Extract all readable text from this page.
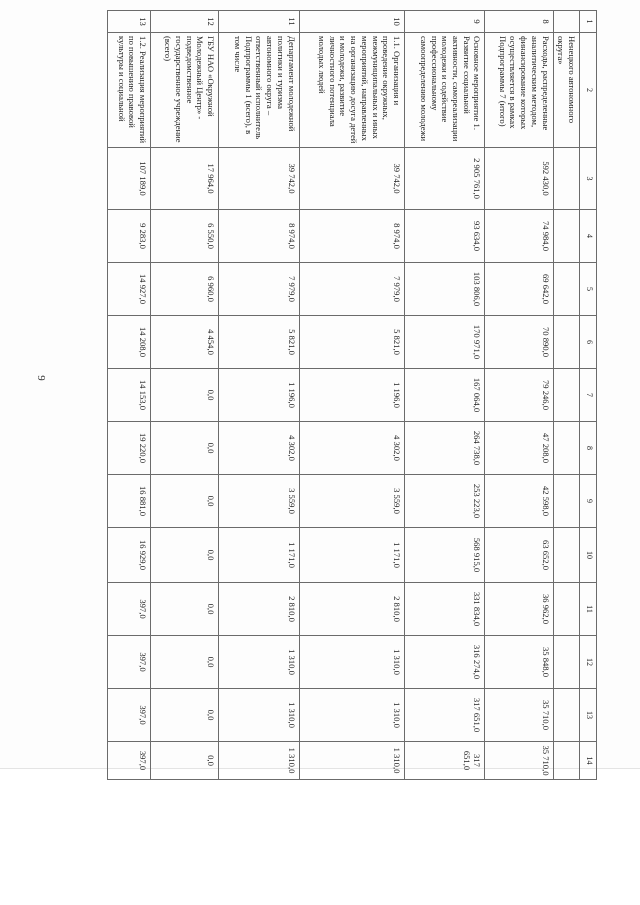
9
1	2	3	4	5	6	7	8	9	10	11	12	13	14
	Ненецкого автономного округа»												
8	Расходы, распределенные аналитическим методом, финансирование которых осуществляется в рамках Подпрограммы 7 (итого)	592 430,0	74 984,0	69 642,0	70 890,0	79 246,0	47 208,0	42 598,0	63 652,0	36 962,0	35 848,0	35 710,0	35 710,0
9	Основное мероприятие 1. Развитие социальной активности, самореализации молодежи и содействие профессиональному самоопределению молодежи	2 905 761,0	93 634,0	103 806,0	170 971,0	167 064,0	264 738,0	253 223,0	568 915,0	331 834,0	316 274,0	317 651,0	317 651,0
10	1.1. Организация и проведение окружных, межмуниципальных и иных мероприятий, направленных на организацию досуга детей и молодежи, развитие личностного потенциала молодых людей	39 742,0	8 974,0	7 979,0	5 821,0	1 196,0	4 302,0	3 559,0	1 171,0	2 810,0	1 310,0	1 310,0	1 310,0
11	Департамент молодежной политики и туризма автономного округа – ответственный исполнитель Подпрограммы 1 (всего), в том числе	39 742,0	8 974,0	7 979,0	5 821,0	1 196,0	4 302,0	3 559,0	1 171,0	2 810,0	1 310,0	1 310,0	1 310,0
12	ГБУ НАО «Окружной Молодежный Центр» - подведомственное государственное учреждение (всего)	17 964,0	6 550,0	6 960,0	4 454,0	0,0	0,0	0,0	0,0	0,0	0,0	0,0	0,0
13	1.2. Реализация мероприятий по повышению правовой культуры и социальной	107 189,0	9 283,0	14 927,0	14 208,0	14 153,0	19 220,0	16 881,0	16 929,0	397,0	397,0	397,0	397,0
